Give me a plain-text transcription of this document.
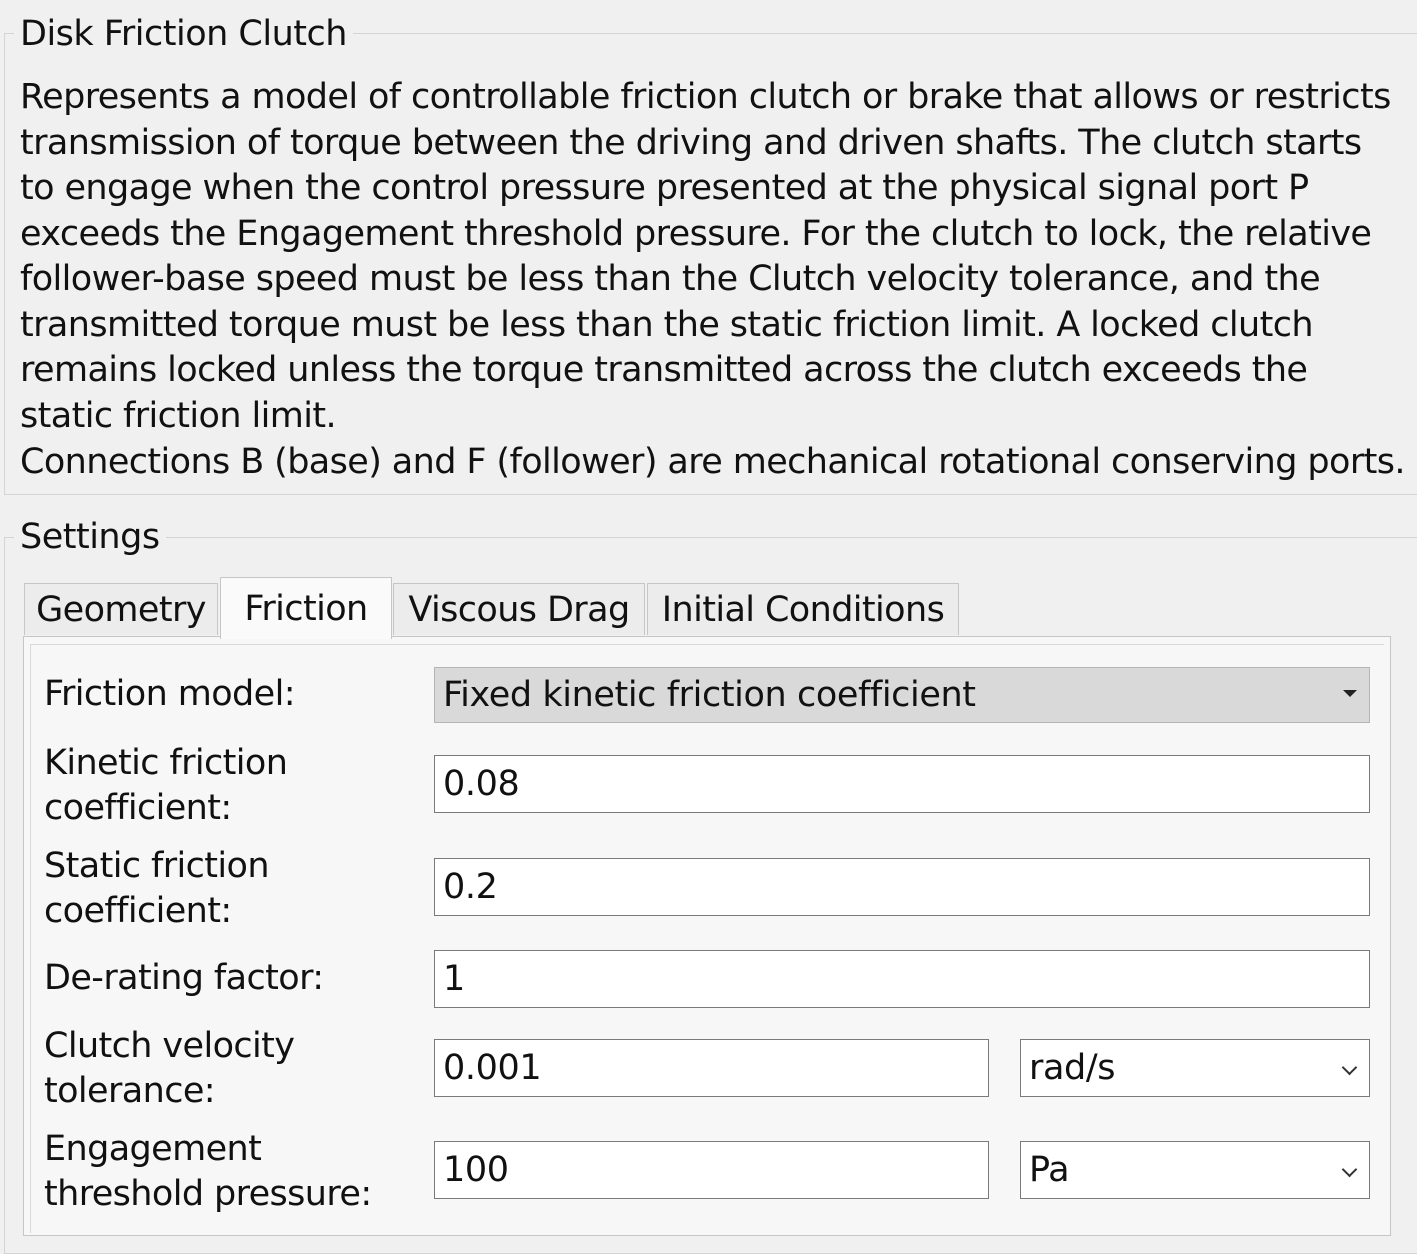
Disk Friction Clutch
Represents a model of controllable friction clutch or brake that allows or restricts transmission of torque between the driving and driven shafts. The clutch starts to engage when the control pressure presented at the physical signal port P exceeds the Engagement threshold pressure. For the clutch to lock, the relative follower-base speed must be less than the Clutch velocity tolerance, and the transmitted torque must be less than the static friction limit. A locked clutch remains locked unless the torque transmitted across the clutch exceeds the static friction limit.
Connections B (base) and F (follower) are mechanical rotational conserving ports.
Settings
Geometry	Friction	Viscous Drag Initial Conditions
Friction model:	Fixed kinetic friction coefficient
Kinetic friction coefficient:
0.08
Static friction coefficient:
0.2
De-rating factor:	1
Clutch velocity tolerance:
0.001	rad/s
Engagement threshold pressure:
100	Pa
